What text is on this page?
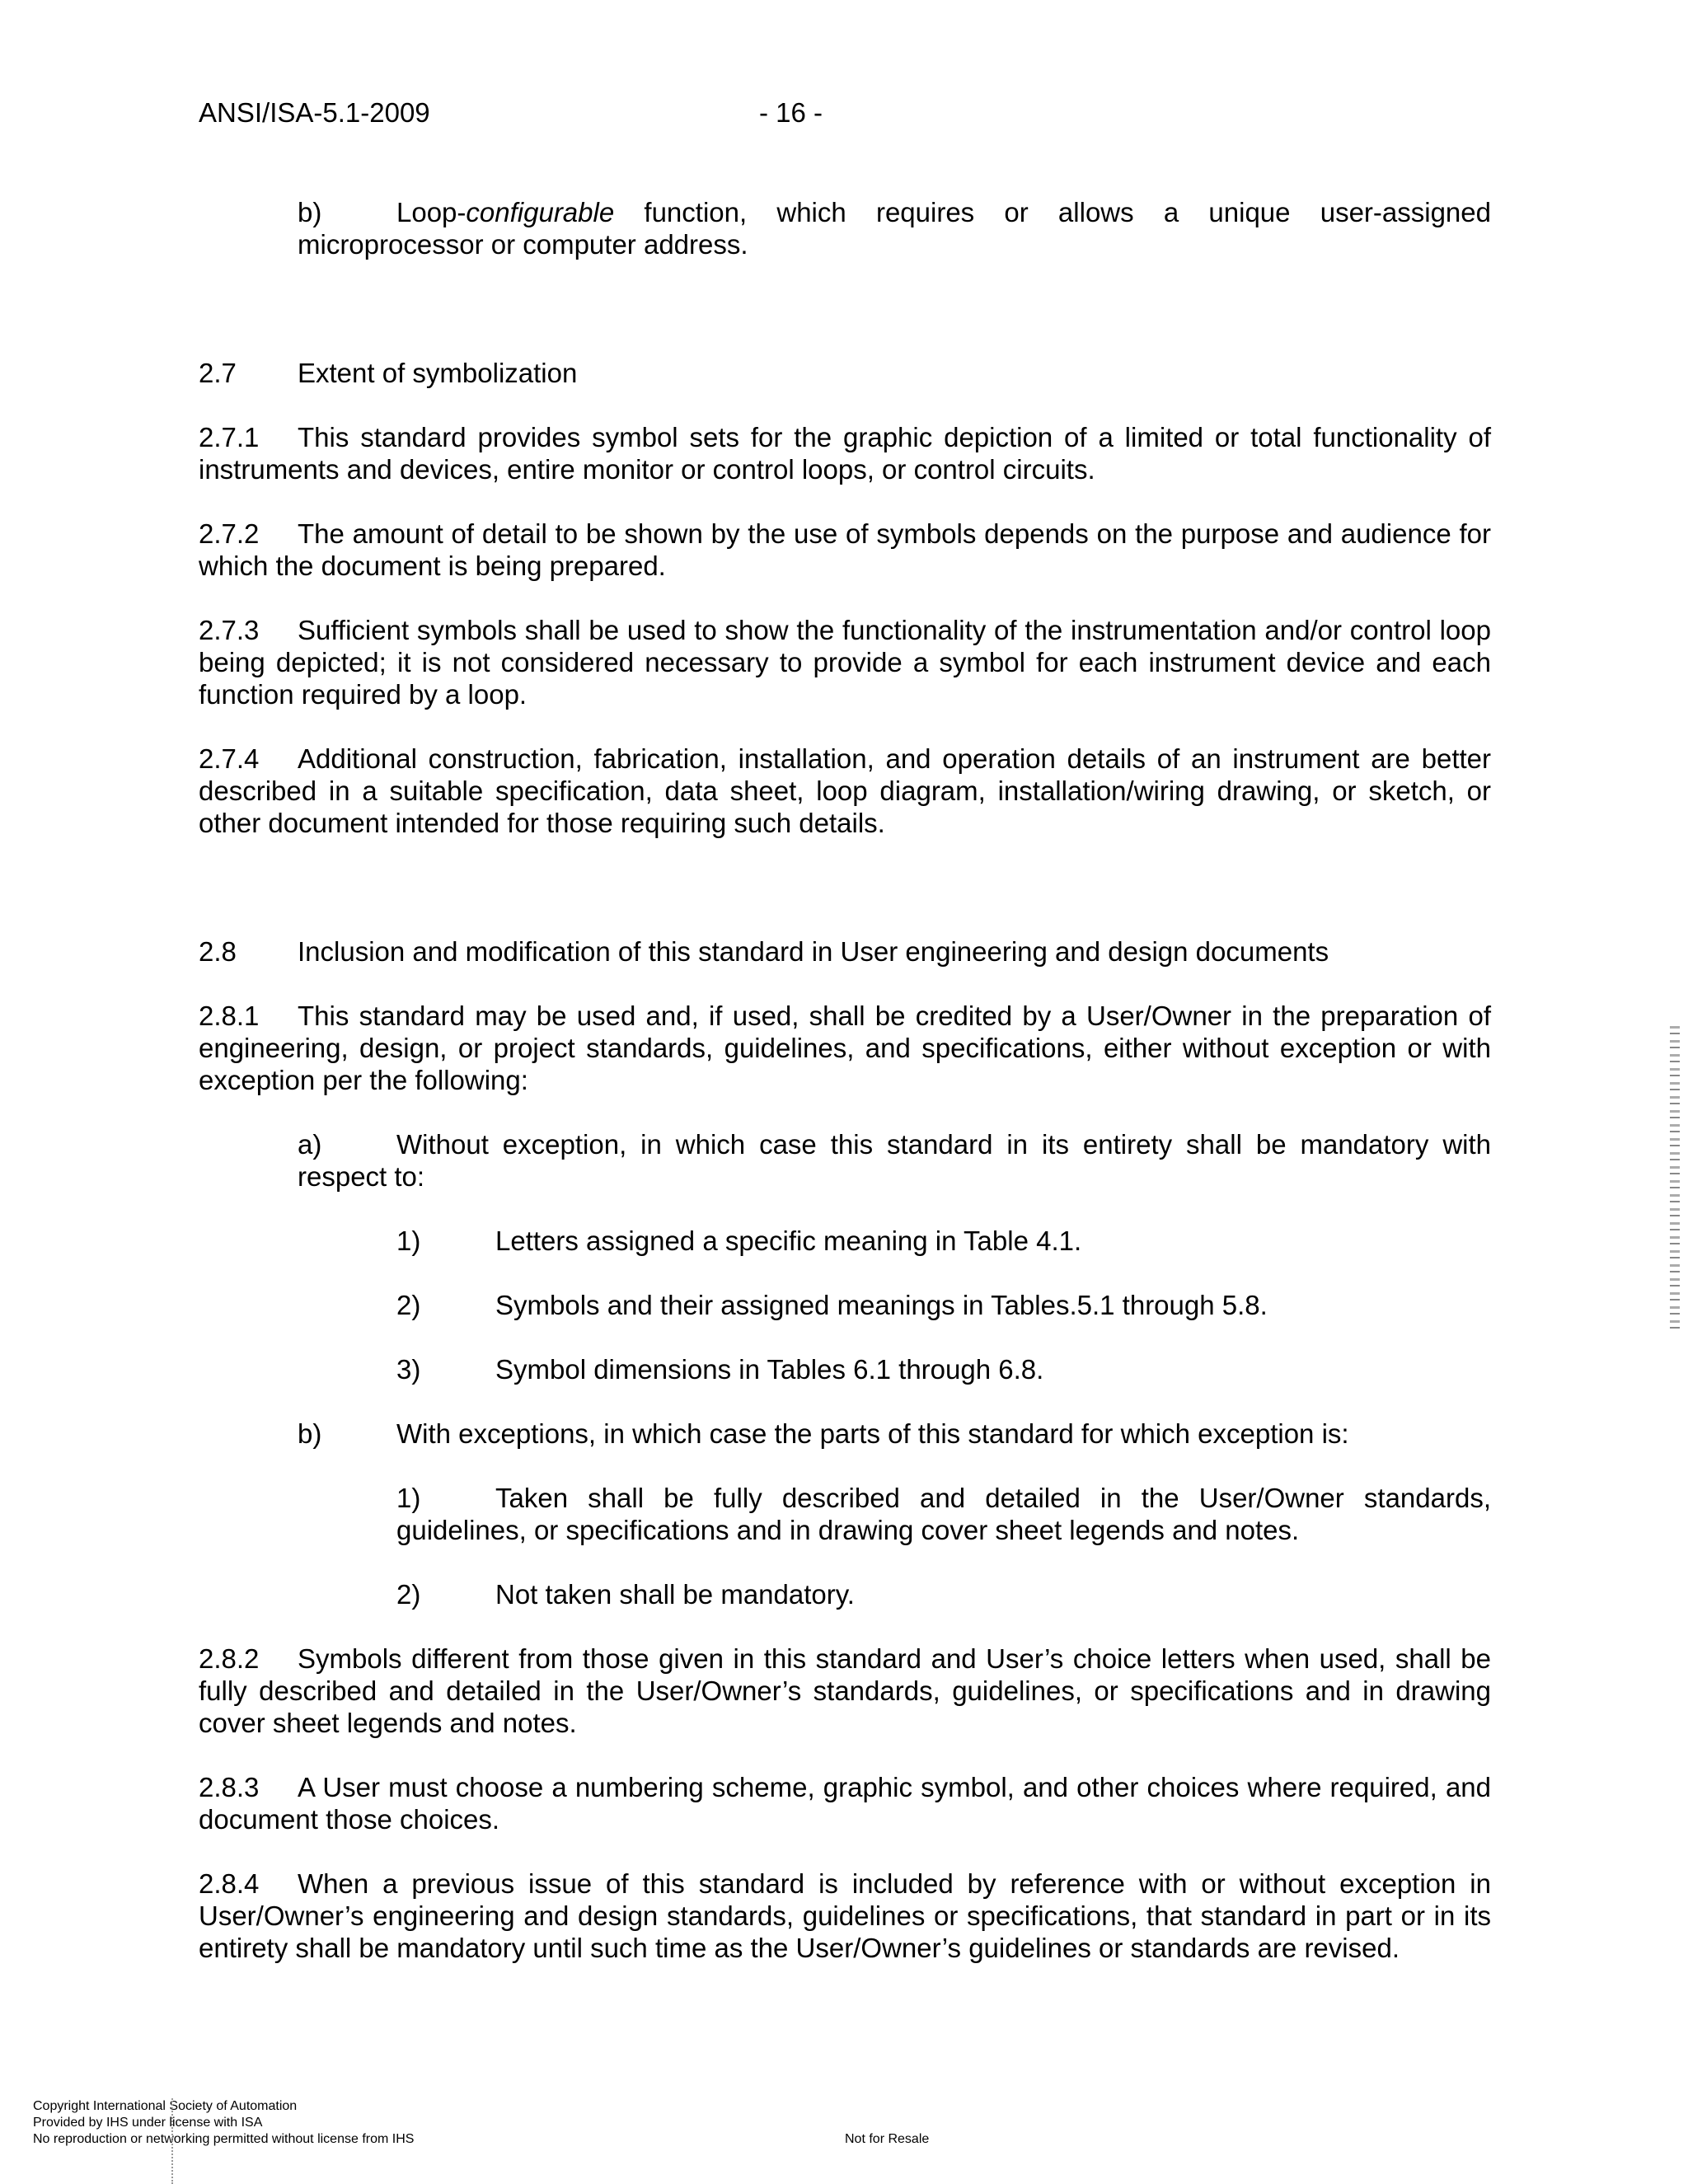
ANSI/ISA-5.1-2009	- 16 -

b)	Loop-configurable function, which requires or allows a unique user-assigned microprocessor or computer address.

2.7 Extent of symbolization

2.7.1 This standard provides symbol sets for the graphic depiction of a limited or total functionality of instruments and devices, entire monitor or control loops, or control circuits.

2.7.2 The amount of detail to be shown by the use of symbols depends on the purpose and audience for which the document is being prepared.

2.7.3 Sufficient symbols shall be used to show the functionality of the instrumentation and/or control loop being depicted; it is not considered necessary to provide a symbol for each instrument device and each function required by a loop.

2.7.4 Additional construction, fabrication, installation, and operation details of an instrument are better described in a suitable specification, data sheet, loop diagram, installation/wiring drawing, or sketch, or other document intended for those requiring such details.

2.8 Inclusion and modification of this standard in User engineering and design documents

2.8.1 This standard may be used and, if used, shall be credited by a User/Owner in the preparation of engineering, design, or project standards, guidelines, and specifications, either without exception or with exception per the following:

a)	Without exception, in which case this standard in its entirety shall be mandatory with respect to:

1)	Letters assigned a specific meaning in Table 4.1.

2)	Symbols and their assigned meanings in Tables.5.1 through 5.8.

3)	Symbol dimensions in Tables 6.1 through 6.8.

b)	With exceptions, in which case the parts of this standard for which exception is:

1)	Taken shall be fully described and detailed in the User/Owner standards, guidelines, or specifications and in drawing cover sheet legends and notes.

2)	Not taken shall be mandatory.

2.8.2 Symbols different from those given in this standard and User’s choice letters when used, shall be fully described and detailed in the User/Owner’s standards, guidelines, or specifications and in drawing cover sheet legends and notes.

2.8.3 A User must choose a numbering scheme, graphic symbol, and other choices where required, and document those choices.

2.8.4 When a previous issue of this standard is included by reference with or without exception in User/Owner’s engineering and design standards, guidelines or specifications, that standard in part or in its entirety shall be mandatory until such time as the User/Owner’s guidelines or standards are revised.

Copyright International Society of Automation
Provided by IHS under license with ISA
No reproduction or networking permitted without license from IHS	Not for Resale
